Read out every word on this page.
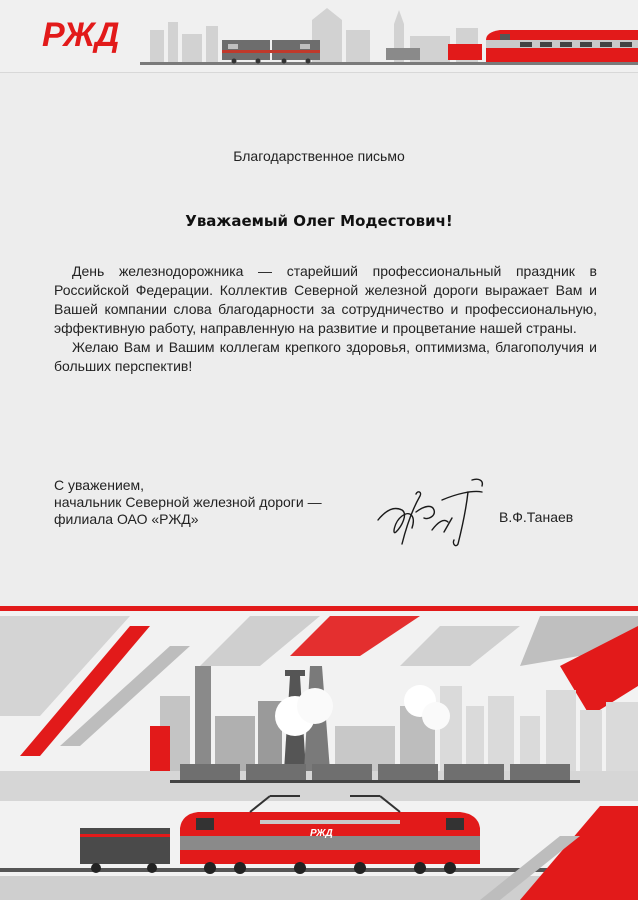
РЖД
Благодарственное письмо
Уважаемый Олег Модестович!

День железнодорожника — старейший профессиональный праздник в Российской Федерации. Коллектив Северной железной дороги выражает Вам и Вашей компании слова благодарности за сотрудничество и профессиональную, эффективную работу, направленную на развитие и процветание нашей страны.

Желаю Вам и Вашим коллегам крепкого здоровья, оптимизма, благополучия и больших перспектив!

С уважением,
начальник Северной железной дороги —
филиала ОАО «РЖД»	В.Ф.Танаев
РЖД
